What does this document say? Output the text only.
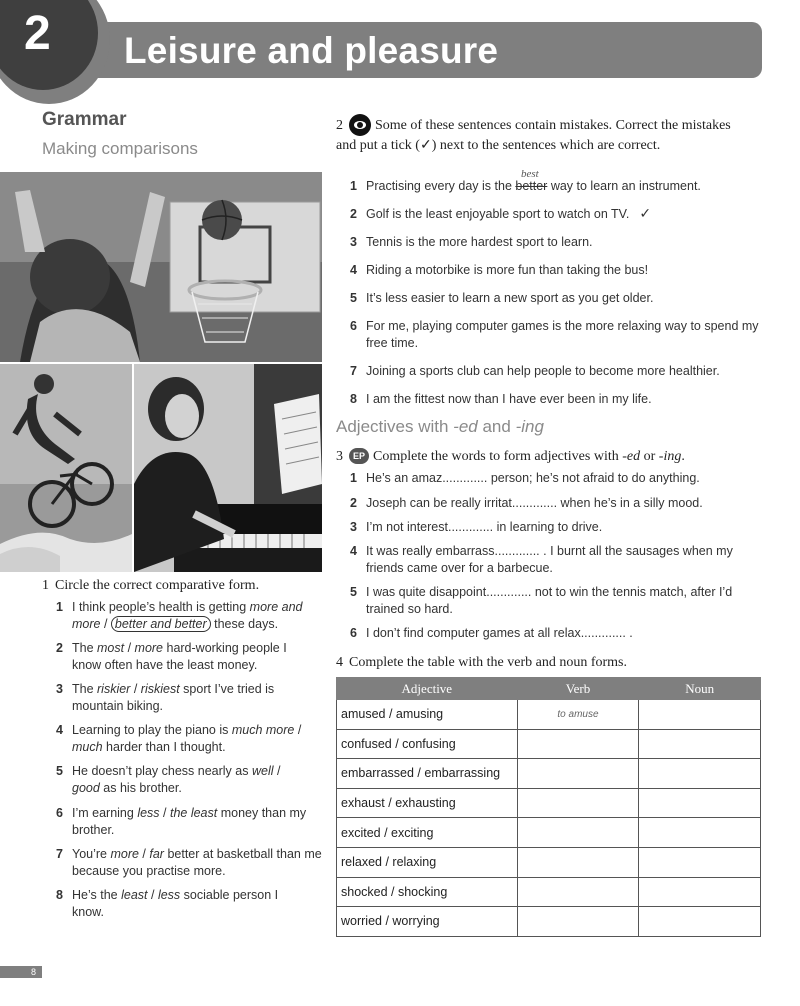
2 Leisure and pleasure
Grammar
Making comparisons
1 Circle the correct comparative form.
1 I think people’s health is getting more and more / better and better these days.
2 The most / more hard-working people I know often have the least money.
3 The riskier / riskiest sport I’ve tried is mountain biking.
4 Learning to play the piano is much more / much harder than I thought.
5 He doesn’t play chess nearly as well / good as his brother.
6 I’m earning less / the least money than my brother.
7 You’re more / far better at basketball than me because you practise more.
8 He’s the least / less sociable person I know.
2 Some of these sentences contain mistakes. Correct the mistakes and put a tick (✓) next to the sentences which are correct.
best
1 Practising every day is the better way to learn an instrument.
2 Golf is the least enjoyable sport to watch on TV. ✓
3 Tennis is the more hardest sport to learn.
4 Riding a motorbike is more fun than taking the bus!
5 It’s less easier to learn a new sport as you get older.
6 For me, playing computer games is the more relaxing way to spend my free time.
7 Joining a sports club can help people to become more healthier.
8 I am the fittest now than I have ever been in my life.
Adjectives with -ed and -ing
3 EP Complete the words to form adjectives with -ed or -ing.
1 He’s an amaz............. person; he’s not afraid to do anything.
2 Joseph can be really irritat............. when he’s in a silly mood.
3 I’m not interest............. in learning to drive.
4 It was really embarrass............. . I burnt all the sausages when my friends came over for a barbecue.
5 I was quite disappoint............. not to win the tennis match, after I’d trained so hard.
6 I don’t find computer games at all relax............. .
4 Complete the table with the verb and noun forms.
Adjective	Verb	Noun
amused / amusing	to amuse	
confused / confusing		
embarrassed / embarrassing		
exhaust / exhausting		
excited / exciting		
relaxed / relaxing		
shocked / shocking		
worried / worrying		
8
